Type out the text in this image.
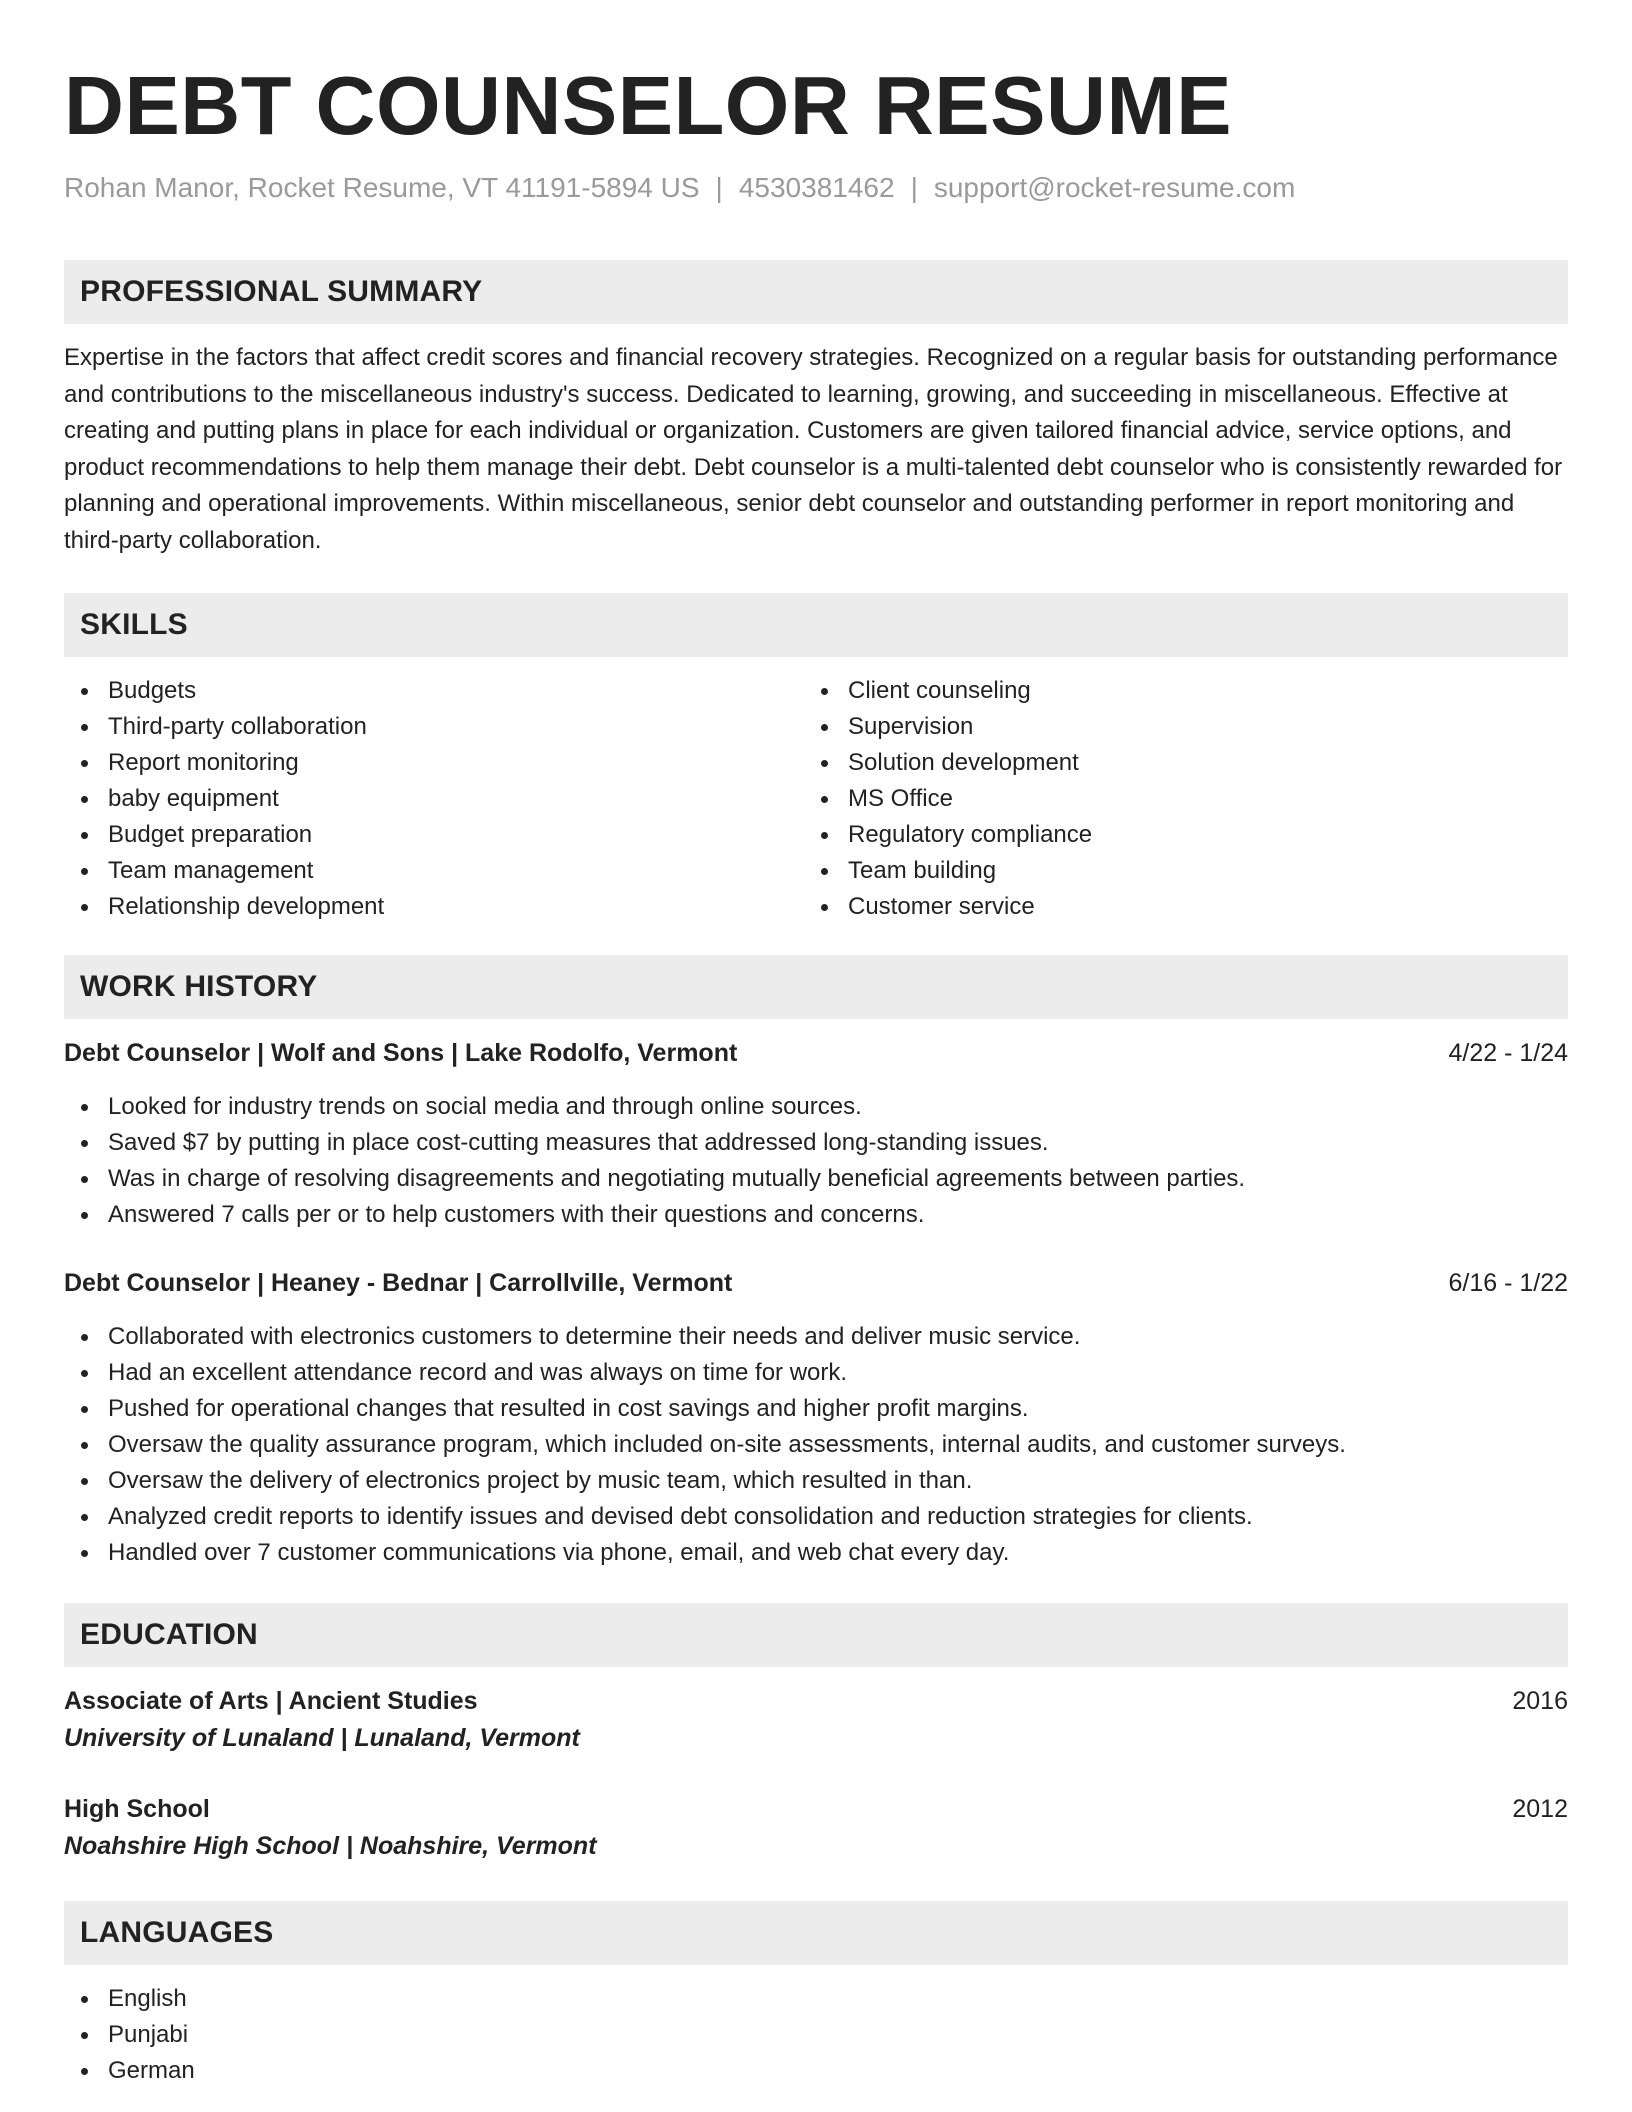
DEBT COUNSELOR RESUME
Rohan Manor, Rocket Resume, VT 41191-5894 US | 4530381462 | support@rocket-resume.com
PROFESSIONAL SUMMARY

Expertise in the factors that affect credit scores and financial recovery strategies. Recognized on a regular basis for outstanding performance and contributions to the miscellaneous industry's success. Dedicated to learning, growing, and succeeding in miscellaneous. Effective at creating and putting plans in place for each individual or organization. Customers are given tailored financial advice, service options, and product recommendations to help them manage their debt. Debt counselor is a multi-talented debt counselor who is consistently rewarded for planning and operational improvements. Within miscellaneous, senior debt counselor and outstanding performer in report monitoring and third-party collaboration.

SKILLS
Budgets
Third-party collaboration
Report monitoring
baby equipment
Budget preparation
Team management
Relationship development
Client counseling
Supervision
Solution development
MS Office
Regulatory compliance
Team building
Customer service
WORK HISTORY
Debt Counselor | Wolf and Sons | Lake Rodolfo, Vermont	4/22 - 1/24
Looked for industry trends on social media and through online sources.
Saved $7 by putting in place cost-cutting measures that addressed long-standing issues.
Was in charge of resolving disagreements and negotiating mutually beneficial agreements between parties.
Answered 7 calls per or to help customers with their questions and concerns.
Debt Counselor | Heaney - Bednar | Carrollville, Vermont	6/16 - 1/22
Collaborated with electronics customers to determine their needs and deliver music service.
Had an excellent attendance record and was always on time for work.
Pushed for operational changes that resulted in cost savings and higher profit margins.
Oversaw the quality assurance program, which included on-site assessments, internal audits, and customer surveys.
Oversaw the delivery of electronics project by music team, which resulted in than.
Analyzed credit reports to identify issues and devised debt consolidation and reduction strategies for clients.
Handled over 7 customer communications via phone, email, and web chat every day.
EDUCATION
Associate of Arts | Ancient Studies	2016
University of Lunaland | Lunaland, Vermont
High School	2012
Noahshire High School | Noahshire, Vermont
LANGUAGES
English
Punjabi
German
